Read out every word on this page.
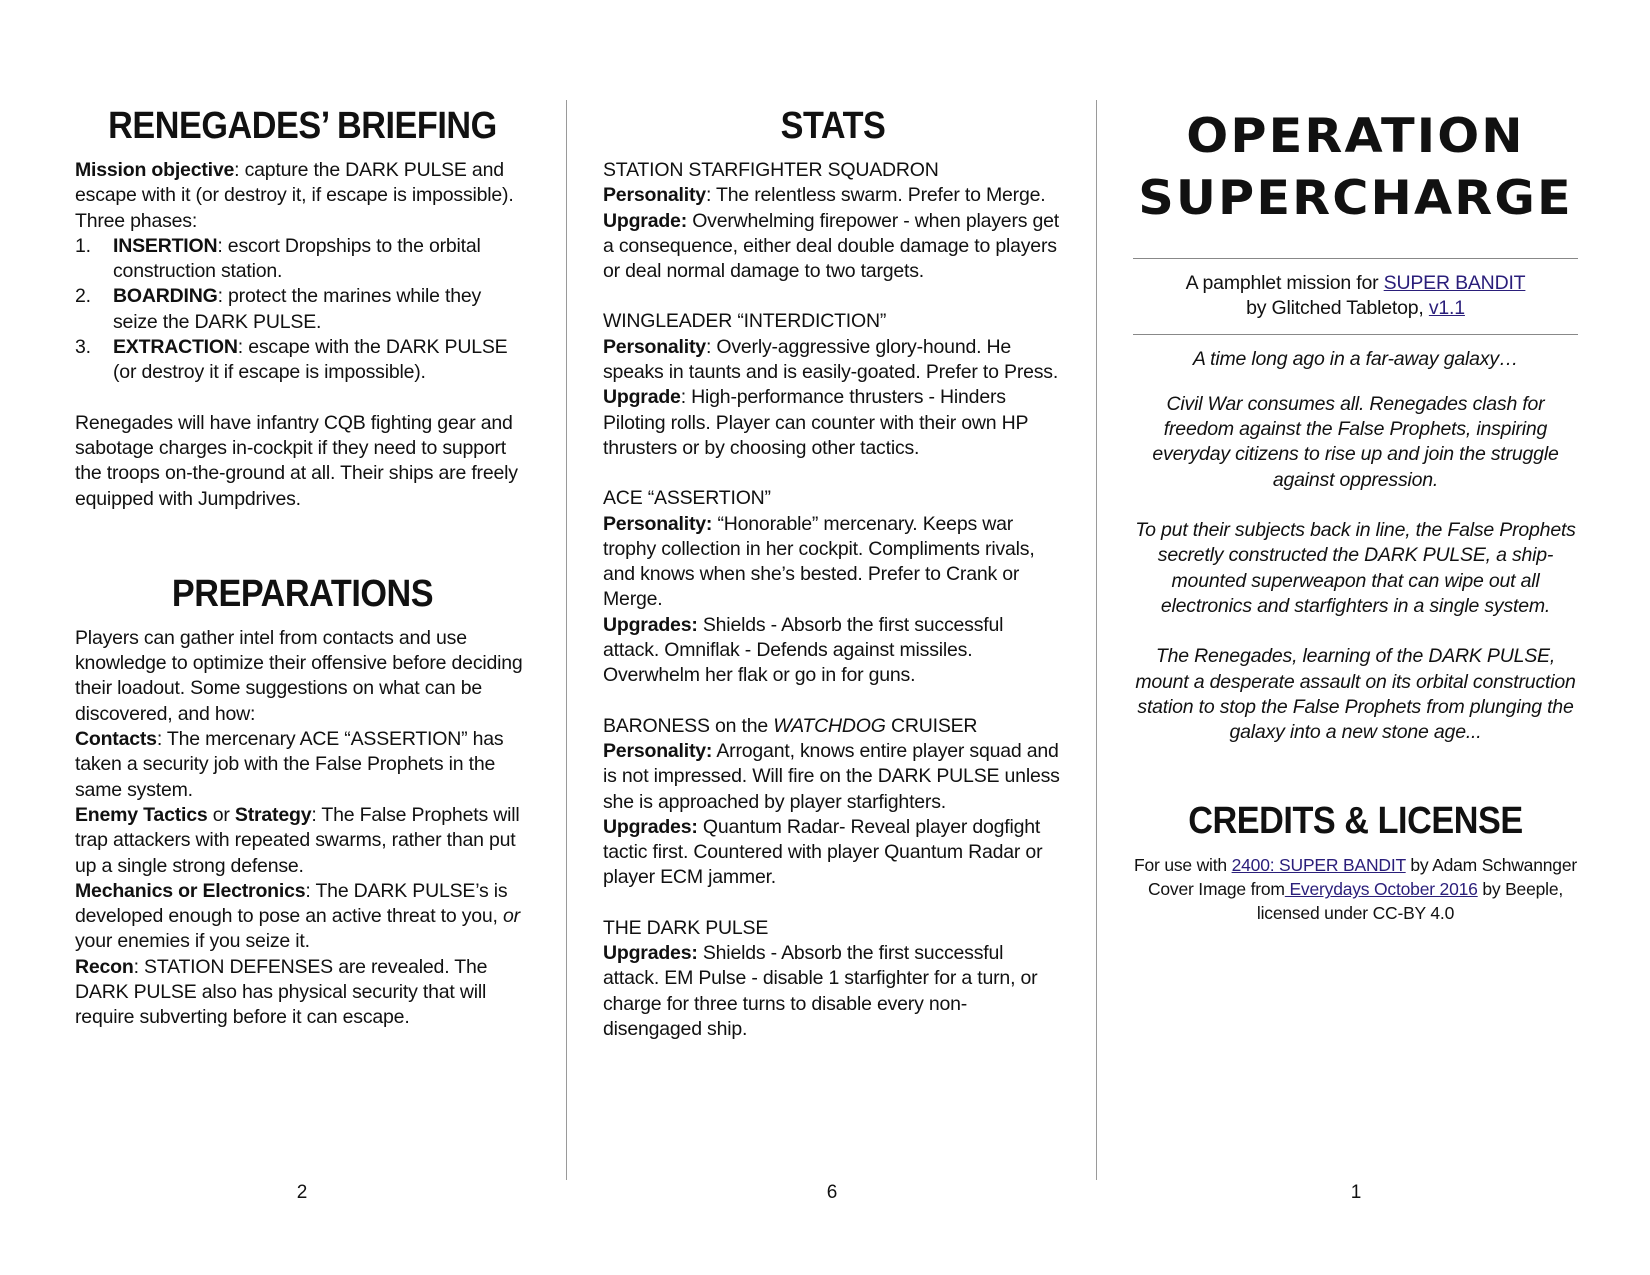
RENEGADES’ BRIEFING

Mission objective: capture the DARK PULSE and escape with it (or destroy it, if escape is impossible). Three phases:

1. INSERTION: escort Dropships to the orbital construction station.
2. BOARDING: protect the marines while they seize the DARK PULSE.
3. EXTRACTION: escape with the DARK PULSE (or destroy it if escape is impossible).

Renegades will have infantry CQB fighting gear and sabotage charges in-cockpit if they need to support the troops on-the-ground at all. Their ships are freely equipped with Jumpdrives.

PREPARATIONS

Players can gather intel from contacts and use knowledge to optimize their offensive before deciding their loadout. Some suggestions on what can be discovered, and how:

Contacts: The mercenary ACE “ASSERTION” has taken a security job with the False Prophets in the same system.

Enemy Tactics or Strategy: The False Prophets will trap attackers with repeated swarms, rather than put up a single strong defense.

Mechanics or Electronics: The DARK PULSE’s is developed enough to pose an active threat to you, or your enemies if you seize it.

Recon: STATION DEFENSES are revealed. The DARK PULSE also has physical security that will require subverting before it can escape.

STATS

STATION STARFIGHTER SQUADRON

Personality: The relentless swarm. Prefer to Merge.

Upgrade: Overwhelming firepower - when players get a consequence, either deal double damage to players or deal normal damage to two targets.

WINGLEADER “INTERDICTION”

Personality: Overly-aggressive glory-hound. He speaks in taunts and is easily-goated. Prefer to Press.

Upgrade: High-performance thrusters - Hinders Piloting rolls. Player can counter with their own HP thrusters or by choosing other tactics.

ACE “ASSERTION”

Personality: “Honorable” mercenary. Keeps war trophy collection in her cockpit. Compliments rivals, and knows when she’s bested. Prefer to Crank or Merge.

Upgrades: Shields - Absorb the first successful attack. Omniflak - Defends against missiles. Overwhelm her flak or go in for guns.

BARONESS on the WATCHDOG CRUISER

Personality: Arrogant, knows entire player squad and is not impressed. Will fire on the DARK PULSE unless she is approached by player starfighters.

Upgrades: Quantum Radar- Reveal player dogfight tactic first. Countered with player Quantum Radar or player ECM jammer.

THE DARK PULSE

Upgrades: Shields - Absorb the first successful attack. EM Pulse - disable 1 starfighter for a turn, or charge for three turns to disable every non-disengaged ship.

OPERATION
SUPERCHARGE

A pamphlet mission for SUPER BANDIT

by Glitched Tabletop, v1.1

A time long ago in a far-away galaxy…

Civil War consumes all. Renegades clash for freedom against the False Prophets, inspiring everyday citizens to rise up and join the struggle against oppression.

To put their subjects back in line, the False Prophets secretly constructed the DARK PULSE, a ship-mounted superweapon that can wipe out all electronics and starfighters in a single system.

The Renegades, learning of the DARK PULSE, mount a desperate assault on its orbital construction station to stop the False Prophets from plunging the galaxy into a new stone age...

CREDITS & LICENSE

For use with 2400: SUPER BANDIT by Adam Schwannger

Cover Image from Everydays October 2016 by Beeple,

licensed under CC-BY 4.0

2	6	1
